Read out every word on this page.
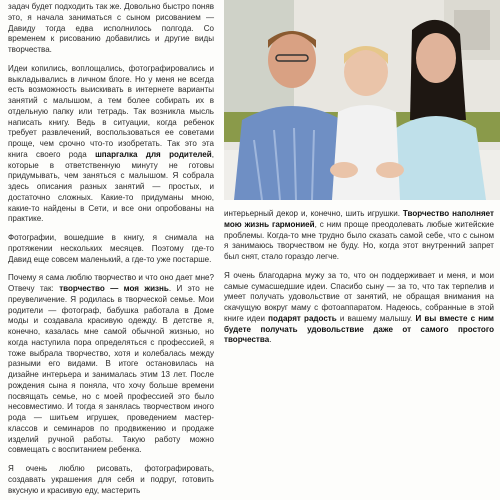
задач будет подходить так же. Довольно быстро поняв это, я начала заниматься с сыном рисованием — Давиду тогда едва исполнилось полгода. Со временем к рисованию добавились и другие виды творчества.

Идеи копились, воплощались, фотографировались и выкладывались в личном блоге. Но у меня не всегда есть возможность выискивать в интернете варианты занятий с малышом, а тем более собирать их в отдельную папку или тетрадь. Так возникла мысль написать книгу. Ведь в ситуации, когда ребенок требует развлечений, воспользоваться ее советами проще, чем срочно что-то изобретать. Так это эта книга своего рода шпаргалка для родителей, которые в ответственную минуту не готовы придумывать, чем заняться с малышом. Я собрала здесь описания разных занятий — простых, и достаточно сложных. Какие-то придуманы мною, какие-то найдены в Сети, и все они опробованы на практике.

Фотографии, вошедшие в книгу, я снимала на протяжении нескольких месяцев. Поэтому где-то Давид еще совсем маленький, а где-то уже постарше.

Почему я сама люблю творчество и что оно дает мне? Отвечу так: творчество — моя жизнь. И это не преувеличение. Я родилась в творческой семье. Мои родители — фотограф, бабушка работала в Доме моды и создавала красивую одежду. В детстве я, конечно, казалась мне самой обычной жизнью, но когда наступила пора определяться с профессией, я тоже выбрала творчество, хотя и колебалась между разными его видами. В итоге остановилась на дизайне интерьера и занималась этим 13 лет. После рождения сына я поняла, что хочу больше времени посвящать семье, но с моей профессией это было несовместимо. И тогда я занялась творчеством иного рода — шитьем игрушек, проведением мастер-классов и семинаров по продвижению и продаже изделий ручной работы. Такую работу можно совмещать с воспитанием ребенка.

Я очень люблю рисовать, фотографировать, создавать украшения для себя и подруг, готовить вкусную и красивую еду, мастерить

интерьерный декор и, конечно, шить игрушки. Творчество наполняет мою жизнь гармонией, с ним проще преодолевать любые житейские проблемы. Когда-то мне трудно было сказать самой себе, что с сыном я занимаюсь творчеством не буду. Но, когда этот внутренний запрет был снят, стало гораздо легче.

Я очень благодарна мужу за то, что он поддерживает и меня, и мои самые сумасшедшие идеи. Спасибо сыну — за то, что так терпелив и умеет получать удовольствие от занятий, не обращая внимания на скачущую вокруг маму с фотоаппаратом. Надеюсь, собранные в этой книге идеи подарят радость и вашему малышу. И вы вместе с ним будете получать удовольствие даже от самого простого творчества.
